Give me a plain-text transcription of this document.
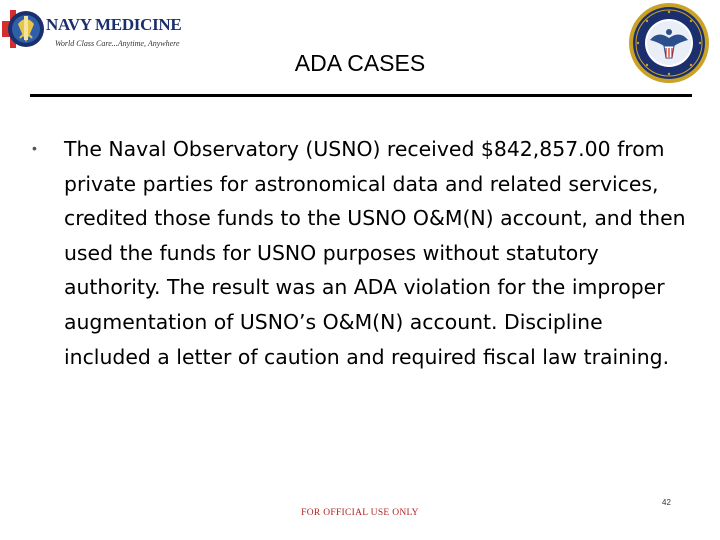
NAVY MEDICINE
World Class Care...Anytime, Anywhere
ADA CASES
• The Naval Observatory (USNO) received $842,857.00 from private parties for astronomical data and related services, credited those funds to the USNO O&M(N) account, and then used the funds for USNO purposes without statutory authority. The result was an ADA violation for the improper augmentation of USNO’s O&M(N) account. Discipline included a letter of caution and required fiscal law training.
42
FOR OFFICIAL USE ONLY
